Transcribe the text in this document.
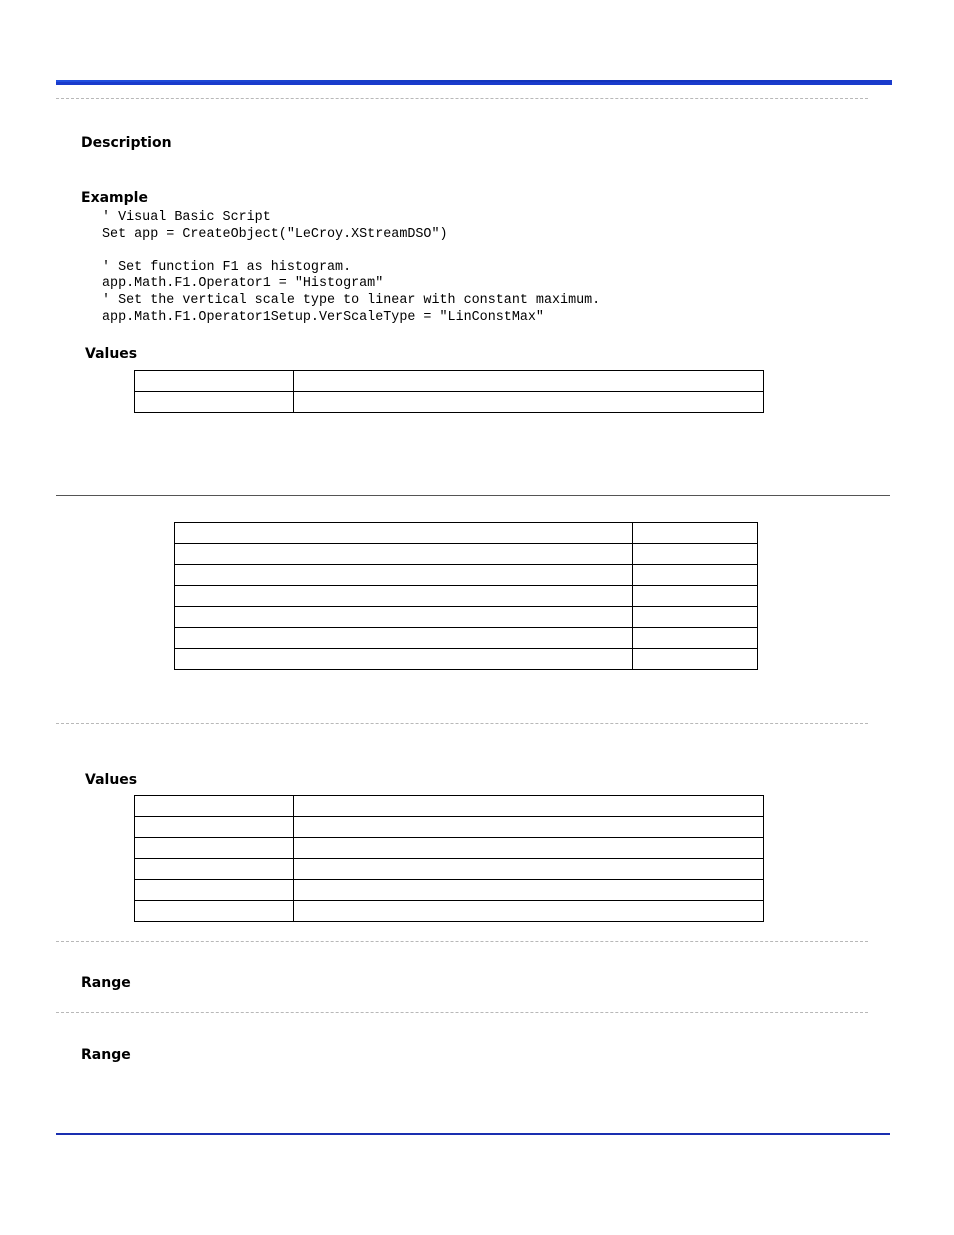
Description
Example
' Visual Basic Script
Set app = CreateObject("LeCroy.XStreamDSO")

' Set function F1 as histogram.
app.Math.F1.Operator1 = "Histogram"
' Set the vertical scale type to linear with constant maximum.
app.Math.F1.Operator1Setup.VerScaleType = "LinConstMax"
Values

Values

Range
Range
